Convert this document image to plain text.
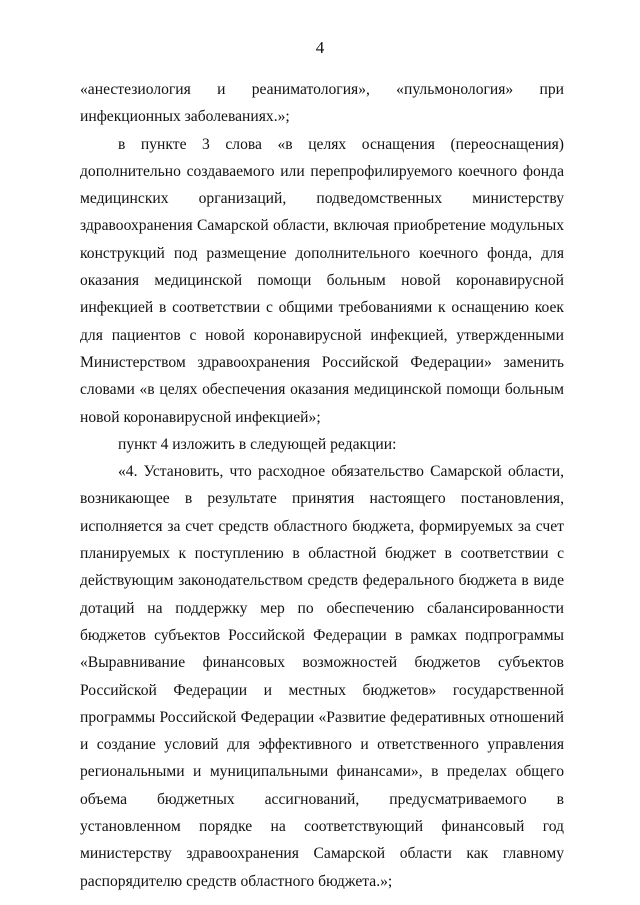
4

«анестезиология и реаниматология», «пульмонология» при инфекционных заболеваниях.»;

в пункте 3 слова «в целях оснащения (переоснащения) дополнительно создаваемого или перепрофилируемого коечного фонда медицинских организаций, подведомственных министерству здравоохранения Самарской области, включая приобретение модульных конструкций под размещение дополнительного коечного фонда, для оказания медицинской помощи больным новой коронавирусной инфекцией в соответствии с общими требованиями к оснащению коек для пациентов с новой коронавирусной инфекцией, утвержденными Министерством здравоохранения Российской Федерации» заменить словами «в целях обеспечения оказания медицинской помощи больным новой коронавирусной инфекцией»;

пункт 4 изложить в следующей редакции:

«4. Установить, что расходное обязательство Самарской области, возникающее в результате принятия настоящего постановления, исполняется за счет средств областного бюджета, формируемых за счет планируемых к поступлению в областной бюджет в соответствии с действующим законодательством средств федерального бюджета в виде дотаций на поддержку мер по обеспечению сбалансированности бюджетов субъектов Российской Федерации в рамках подпрограммы «Выравнивание финансовых возможностей бюджетов субъектов Российской Федерации и местных бюджетов» государственной программы Российской Федерации «Развитие федеративных отношений и создание условий для эффективного и ответственного управления региональными и муниципальными финансами», в пределах общего объема бюджетных ассигнований, предусматриваемого в установленном порядке на соответствующий финансовый год министерству здравоохранения Самарской области как главному распорядителю средств областного бюджета.»;
